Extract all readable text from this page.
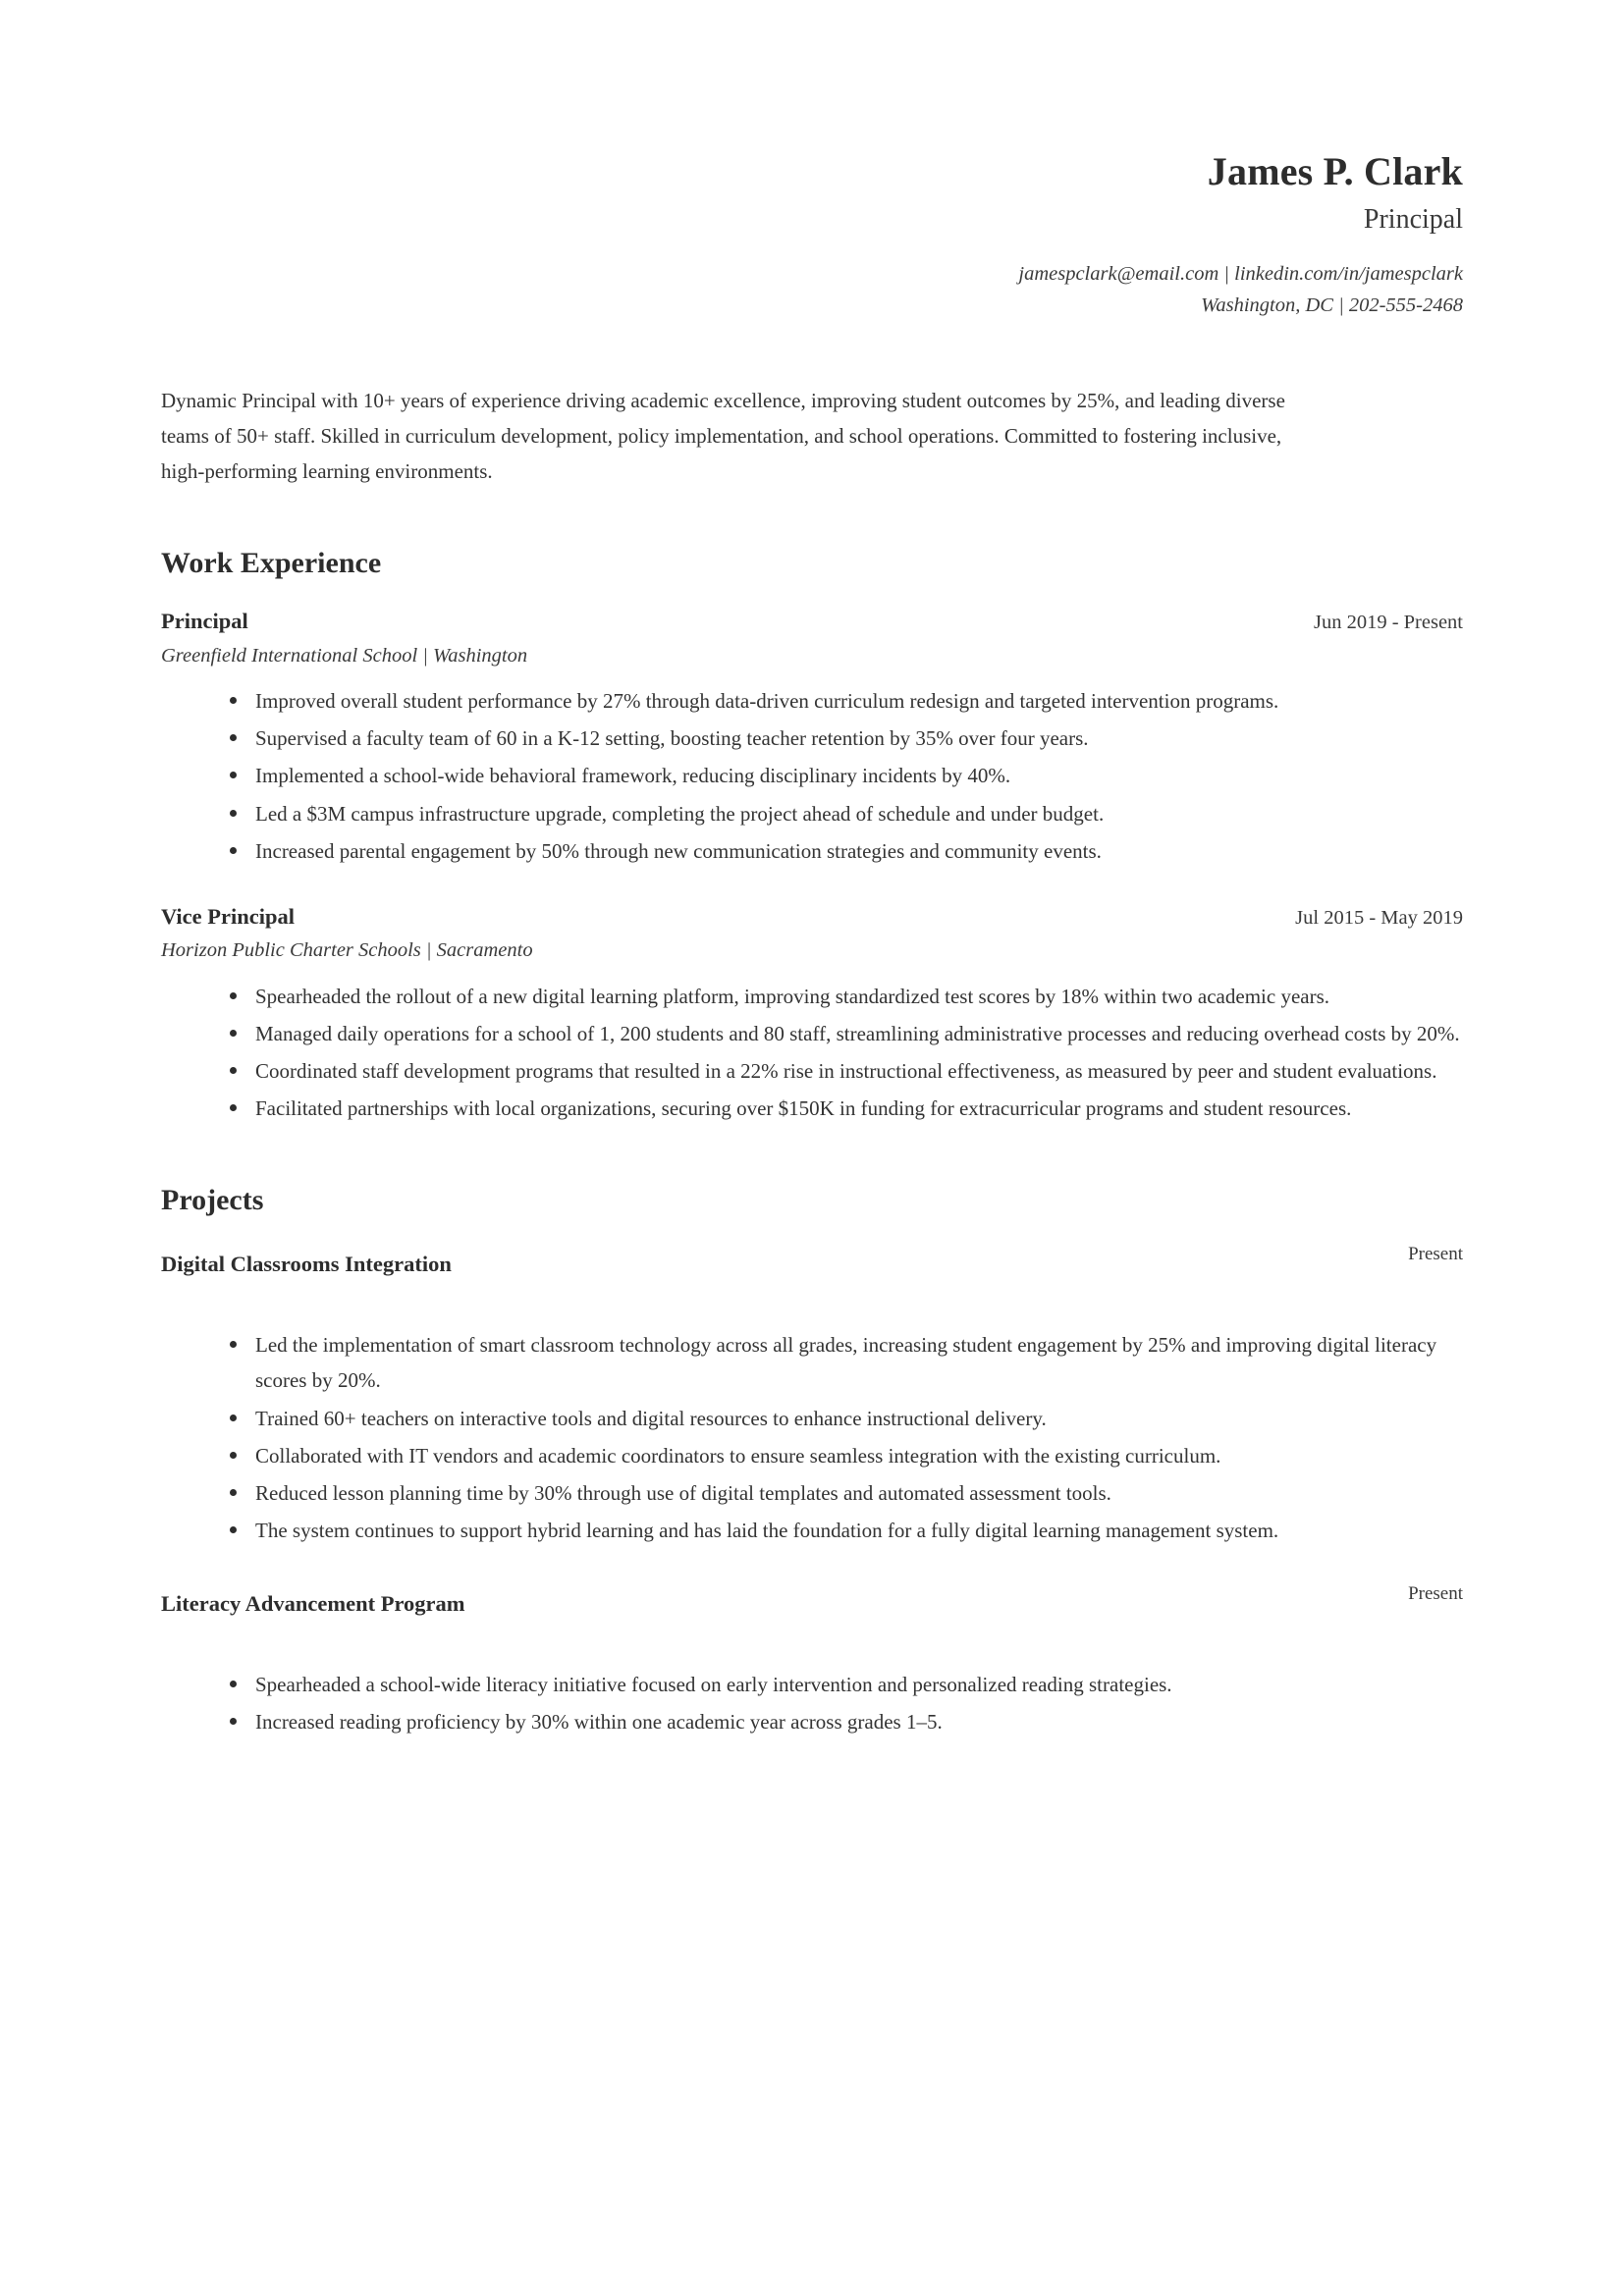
James P. Clark
Principal
jamespclark@email.com | linkedin.com/in/jamespclark
Washington, DC | 202-555-2468
Dynamic Principal with 10+ years of experience driving academic excellence, improving student outcomes by 25%, and leading diverse teams of 50+ staff. Skilled in curriculum development, policy implementation, and school operations. Committed to fostering inclusive, high-performing learning environments.
Work Experience
Principal	Jun 2019 - Present
Greenfield International School | Washington
Improved overall student performance by 27% through data-driven curriculum redesign and targeted intervention programs.
Supervised a faculty team of 60 in a K-12 setting, boosting teacher retention by 35% over four years.
Implemented a school-wide behavioral framework, reducing disciplinary incidents by 40%.
Led a $3M campus infrastructure upgrade, completing the project ahead of schedule and under budget.
Increased parental engagement by 50% through new communication strategies and community events.
Vice Principal	Jul 2015 - May 2019
Horizon Public Charter Schools | Sacramento
Spearheaded the rollout of a new digital learning platform, improving standardized test scores by 18% within two academic years.
Managed daily operations for a school of 1, 200 students and 80 staff, streamlining administrative processes and reducing overhead costs by 20%.
Coordinated staff development programs that resulted in a 22% rise in instructional effectiveness, as measured by peer and student evaluations.
Facilitated partnerships with local organizations, securing over $150K in funding for extracurricular programs and student resources.
Projects
Digital Classrooms Integration	Present
Led the implementation of smart classroom technology across all grades, increasing student engagement by 25% and improving digital literacy scores by 20%.
Trained 60+ teachers on interactive tools and digital resources to enhance instructional delivery.
Collaborated with IT vendors and academic coordinators to ensure seamless integration with the existing curriculum.
Reduced lesson planning time by 30% through use of digital templates and automated assessment tools.
The system continues to support hybrid learning and has laid the foundation for a fully digital learning management system.
Literacy Advancement Program	Present
Spearheaded a school-wide literacy initiative focused on early intervention and personalized reading strategies.
Increased reading proficiency by 30% within one academic year across grades 1–5.
